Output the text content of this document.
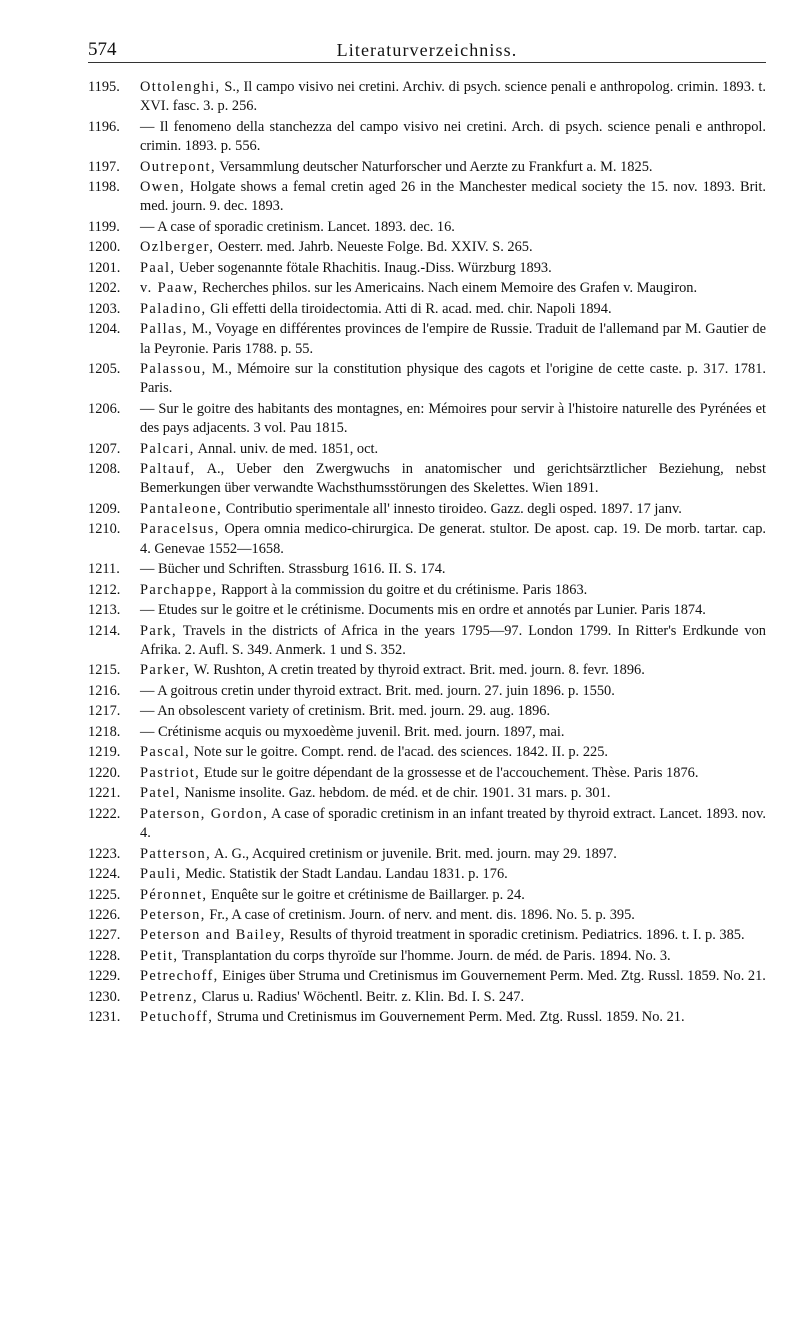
574	Literaturverzeichniss.
1195.	Ottolenghi, S., Il campo visivo nei cretini. Archiv. di psych. science penali e anthropolog. crimin. 1893. t. XVI. fasc. 3. p. 256.
1196.	— Il fenomeno della stanchezza del campo visivo nei cretini. Arch. di psych. science penali e anthropol. crimin. 1893. p. 556.
1197.	Outrepont, Versammlung deutscher Naturforscher und Aerzte zu Frankfurt a. M. 1825.
1198.	Owen, Holgate shows a femal cretin aged 26 in the Manchester medical society the 15. nov. 1893. Brit. med. journ. 9. dec. 1893.
1199.	— A case of sporadic cretinism. Lancet. 1893. dec. 16.
1200.	Ozlberger, Oesterr. med. Jahrb. Neueste Folge. Bd. XXIV. S. 265.
1201.	Paal, Ueber sogenannte fötale Rhachitis. Inaug.-Diss. Würzburg 1893.
1202.	v. Paaw, Recherches philos. sur les Americains. Nach einem Memoire des Grafen v. Maugiron.
1203.	Paladino, Gli effetti della tiroidectomia. Atti di R. acad. med. chir. Napoli 1894.
1204.	Pallas, M., Voyage en différentes provinces de l'empire de Russie. Traduit de l'allemand par M. Gautier de la Peyronie. Paris 1788. p. 55.
1205.	Palassou, M., Mémoire sur la constitution physique des cagots et l'origine de cette caste. p. 317. 1781. Paris.
1206.	— Sur le goitre des habitants des montagnes, en: Mémoires pour servir à l'histoire naturelle des Pyrénées et des pays adjacents. 3 vol. Pau 1815.
1207.	Palcari, Annal. univ. de med. 1851, oct.
1208.	Paltauf, A., Ueber den Zwergwuchs in anatomischer und gerichtsärztlicher Beziehung, nebst Bemerkungen über verwandte Wachsthumsstörungen des Skelettes. Wien 1891.
1209.	Pantaleone, Contributio sperimentale all' innesto tiroideo. Gazz. degli osped. 1897. 17 janv.
1210.	Paracelsus, Opera omnia medico-chirurgica. De generat. stultor. De apost. cap. 19. De morb. tartar. cap. 4. Genevae 1552—1658.
1211.	— Bücher und Schriften. Strassburg 1616. II. S. 174.
1212.	Parchappe, Rapport à la commission du goitre et du crétinisme. Paris 1863.
1213.	— Etudes sur le goitre et le crétinisme. Documents mis en ordre et annotés par Lunier. Paris 1874.
1214.	Park, Travels in the districts of Africa in the years 1795—97. London 1799. In Ritter's Erdkunde von Afrika. 2. Aufl. S. 349. Anmerk. 1 und S. 352.
1215.	Parker, W. Rushton, A cretin treated by thyroid extract. Brit. med. journ. 8. fevr. 1896.
1216.	— A goitrous cretin under thyroid extract. Brit. med. journ. 27. juin 1896. p. 1550.
1217.	— An obsolescent variety of cretinism. Brit. med. journ. 29. aug. 1896.
1218.	— Crétinisme acquis ou myxoedème juvenil. Brit. med. journ. 1897, mai.
1219.	Pascal, Note sur le goitre. Compt. rend. de l'acad. des sciences. 1842. II. p. 225.
1220.	Pastriot, Etude sur le goitre dépendant de la grossesse et de l'accouchement. Thèse. Paris 1876.
1221.	Patel, Nanisme insolite. Gaz. hebdom. de méd. et de chir. 1901. 31 mars. p. 301.
1222.	Paterson, Gordon, A case of sporadic cretinism in an infant treated by thyroid extract. Lancet. 1893. nov. 4.
1223.	Patterson, A. G., Acquired cretinism or juvenile. Brit. med. journ. may 29. 1897.
1224.	Pauli, Medic. Statistik der Stadt Landau. Landau 1831. p. 176.
1225.	Péronnet, Enquête sur le goitre et crétinisme de Baillarger. p. 24.
1226.	Peterson, Fr., A case of cretinism. Journ. of nerv. and ment. dis. 1896. No. 5. p. 395.
1227.	Peterson and Bailey, Results of thyroid treatment in sporadic cretinism. Pediatrics. 1896. t. I. p. 385.
1228.	Petit, Transplantation du corps thyroïde sur l'homme. Journ. de méd. de Paris. 1894. No. 3.
1229.	Petrechoff, Einiges über Struma und Cretinismus im Gouvernement Perm. Med. Ztg. Russl. 1859. No. 21.
1230.	Petrenz, Clarus u. Radius' Wöchentl. Beitr. z. Klin. Bd. I. S. 247.
1231.	Petuchoff, Struma und Cretinismus im Gouvernement Perm. Med. Ztg. Russl. 1859. No. 21.
